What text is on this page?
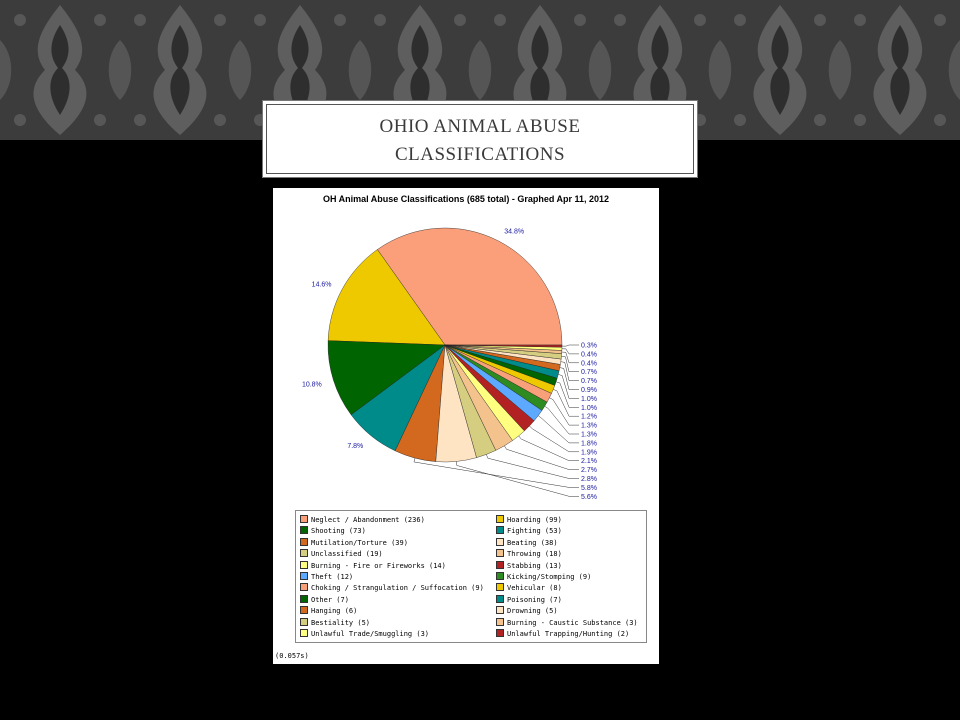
OHIO ANIMAL ABUSE
CLASSIFICATIONS
34.8%
14.6%
10.8%
7.8%
0.3%
0.4%
0.4%
0.7%
0.7%
0.9%
1.0%
1.0%
1.2%
1.3%
1.3%
1.8%
1.9%
2.1%
2.7%
2.8%
5.8%
5.6%
OH Animal Abuse Classifications (685 total) - Graphed Apr 11, 2012
Neglect / Abandonment (236)	Hoarding (99)
Shooting (73)	Fighting (53)
Mutilation/Torture (39)	Beating (38)
Unclassified (19)	Throwing (18)
Burning - Fire or Fireworks (14)	Stabbing (13)
Theft (12)	Kicking/Stomping (9)
Choking / Strangulation / Suffocation (9)	Vehicular (8)
Other (7)	Poisoning (7)
Hanging (6)	Drowning (5)
Bestiality (5)	Burning - Caustic Substance (3)
Unlawful Trade/Smuggling (3)	Unlawful Trapping/Hunting (2)
(0.057s)
